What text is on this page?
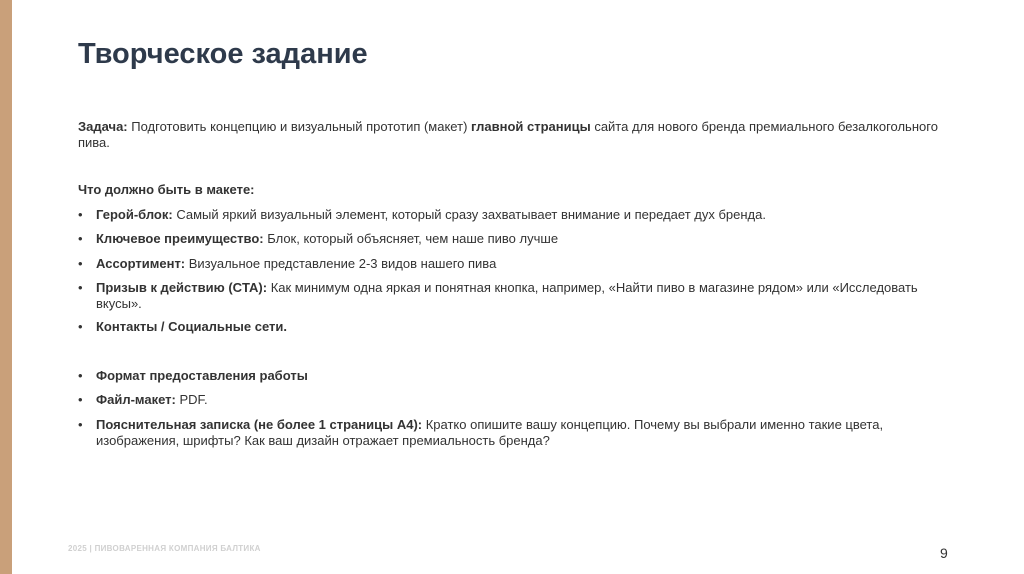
Творческое задание
Задача: Подготовить концепцию и визуальный прототип (макет) главной страницы сайта для нового бренда премиального безалкогольного пива.
Что должно быть в макете:
• Герой-блок: Самый яркий визуальный элемент, который сразу захватывает внимание и передает дух бренда.
• Ключевое преимущество: Блок, который объясняет, чем наше пиво лучше
• Ассортимент: Визуальное представление 2-3 видов нашего пива
• Призыв к действию (CTA): Как минимум одна яркая и понятная кнопка, например, «Найти пиво в магазине рядом» или «Исследовать вкусы».
• Контакты / Социальные сети.
• Формат предоставления работы
• Файл-макет: PDF.
• Пояснительная записка (не более 1 страницы А4): Кратко опишите вашу концепцию. Почему вы выбрали именно такие цвета, изображения, шрифты? Как ваш дизайн отражает премиальность бренда?
2025 | ПИВОВАРЕННАЯ КОМПАНИЯ БАЛТИКА	9
